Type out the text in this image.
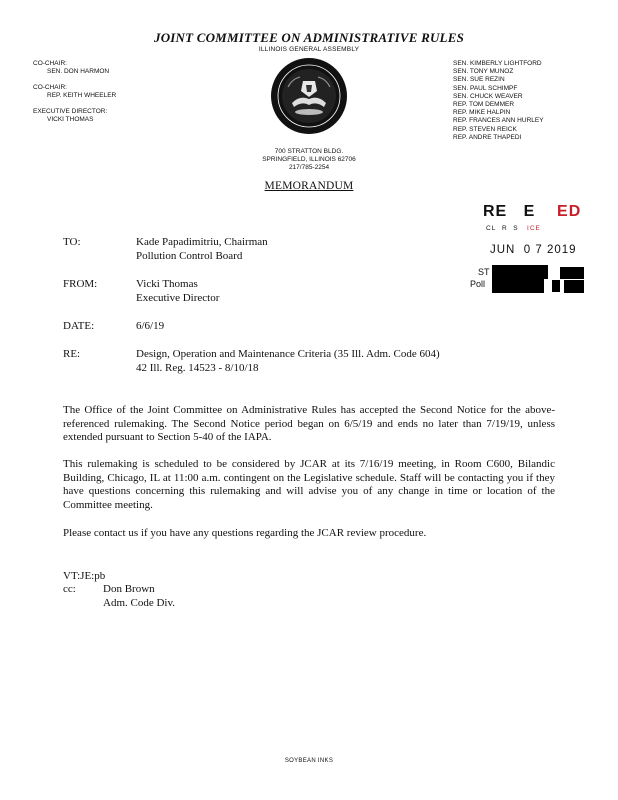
JOINT COMMITTEE ON ADMINISTRATIVE RULES
ILLINOIS GENERAL ASSEMBLY
CO-CHAIR:
SEN. DON HARMON
CO-CHAIR:
REP. KEITH WHEELER
EXECUTIVE DIRECTOR:
VICKI THOMAS
SEN. KIMBERLY LIGHTFORD
SEN. TONY MUNOZ
SEN. SUE REZIN
SEN. PAUL SCHIMPF
SEN. CHUCK WEAVER
REP. TOM DEMMER
REP. MIKE HALPIN
REP. FRANCES ANN HURLEY
REP. STEVEN REICK
REP. ANDRE THAPEDI
700 STRATTON BLDG.
SPRINGFIELD, ILLINOIS 62706
217/785-2254
MEMORANDUM
RE E ED
CL R S ICE
JUN 0 7 2019
ST
Poll
TO:	Kade Papadimitriu, Chairman
Pollution Control Board
FROM:	Vicki Thomas
Executive Director
DATE:	6/6/19
RE:	Design, Operation and Maintenance Criteria (35 Ill. Adm. Code 604)
42 Ill. Reg. 14523 - 8/10/18
The Office of the Joint Committee on Administrative Rules has accepted the Second Notice for the above-referenced rulemaking. The Second Notice period began on 6/5/19 and ends no later than 7/19/19, unless extended pursuant to Section 5-40 of the IAPA.
This rulemaking is scheduled to be considered by JCAR at its 7/16/19 meeting, in Room C600, Bilandic Building, Chicago, IL at 11:00 a.m. contingent on the Legislative schedule. Staff will be contacting you if they have questions concerning this rulemaking and will advise you of any change in time or location of the Committee meeting.
Please contact us if you have any questions regarding the JCAR review procedure.
VT:JE:pb
cc: Don Brown
Adm. Code Div.
SOYBEAN INKS
